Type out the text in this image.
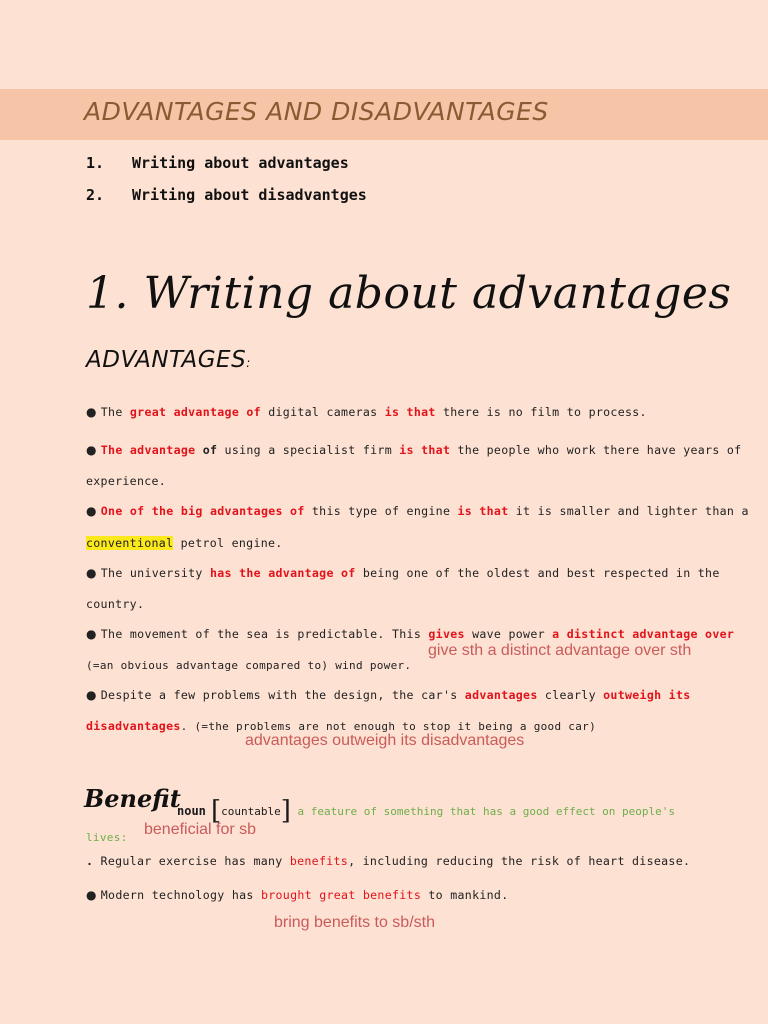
ADVANTAGES AND DISADVANTAGES
1. Writing about advantages
2. Writing about disadvantges
1. Writing about advantages
ADVANTAGES:
● The great advantage of digital cameras is that there is no film to process.
● The advantage of using a specialist firm is that the people who work there have years of
experience.
● One of the big advantages of this type of engine is that it is smaller and lighter than a
conventional petrol engine.
● The university has the advantage of being one of the oldest and best respected in the
country.
● The movement of the sea is predictable. This gives wave power a distinct advantage over
(=an obvious advantage compared to) wind power.
give sth a distinct advantage over sth
● Despite a few problems with the design, the car's advantages clearly outweigh its
disadvantages. (=the problems are not enough to stop it being a good car)
advantages outweigh its disadvantages
Benefit
noun [countable] a feature of something that has a good effect on people's
lives: beneficial for sb
. Regular exercise has many benefits, including reducing the risk of heart disease.
● Modern technology has brought great benefits to mankind.
bring benefits to sb/sth
